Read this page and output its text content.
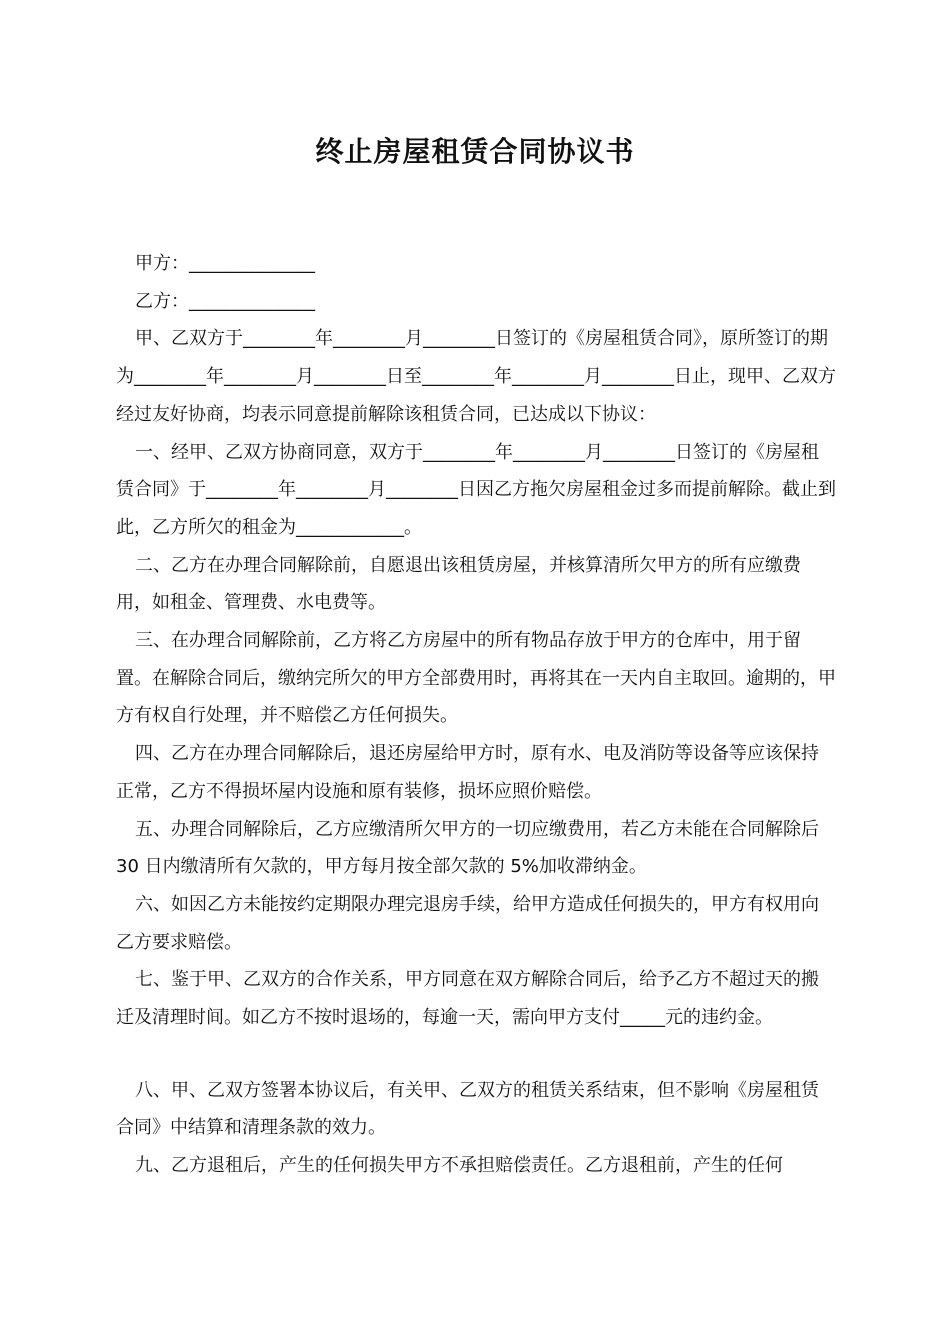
终止房屋租赁合同协议书

甲方：______________

乙方：______________

甲、乙双方于________年________月________日签订的《房屋租赁合同》，原所签订的期为________年________月________日至________年________月________日止，现甲、乙双方经过友好协商，均表示同意提前解除该租赁合同，已达成以下协议：

一、经甲、乙双方协商同意，双方于________年________月________日签订的《房屋租赁合同》于________年________月________日因乙方拖欠房屋租金过多而提前解除。截止到此，乙方所欠的租金为____________。

二、乙方在办理合同解除前，自愿退出该租赁房屋，并核算清所欠甲方的所有应缴费用，如租金、管理费、水电费等。

三、在办理合同解除前，乙方将乙方房屋中的所有物品存放于甲方的仓库中，用于留置。在解除合同后，缴纳完所欠的甲方全部费用时，再将其在一天内自主取回。逾期的，甲方有权自行处理，并不赔偿乙方任何损失。

四、乙方在办理合同解除后，退还房屋给甲方时，原有水、电及消防等设备等应该保持正常，乙方不得损坏屋内设施和原有装修，损坏应照价赔偿。

五、办理合同解除后，乙方应缴清所欠甲方的一切应缴费用，若乙方未能在合同解除后 30 日内缴清所有欠款的，甲方每月按全部欠款的 5%加收滞纳金。

六、如因乙方未能按约定期限办理完退房手续，给甲方造成任何损失的，甲方有权用向乙方要求赔偿。

七、鉴于甲、乙双方的合作关系，甲方同意在双方解除合同后，给予乙方不超过天的搬迁及清理时间。如乙方不按时退场的，每逾一天，需向甲方支付_____元的违约金。

八、甲、乙双方签署本协议后，有关甲、乙双方的租赁关系结束，但不影响《房屋租赁合同》中结算和清理条款的效力。

九、乙方退租后，产生的任何损失甲方不承担赔偿责任。乙方退租前，产生的任何
